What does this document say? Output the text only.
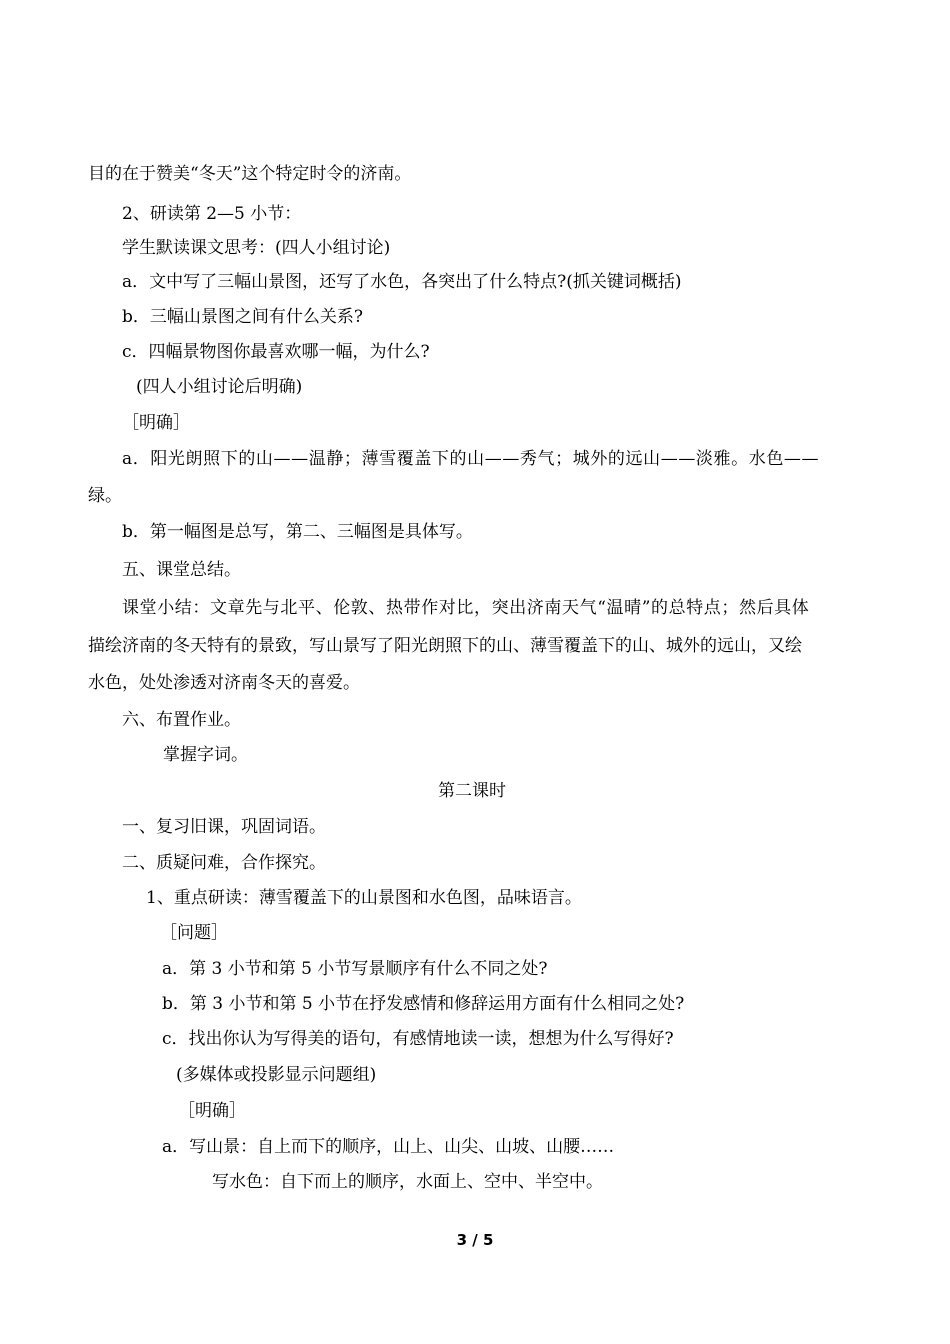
目的在于赞美“冬天”这个特定时令的济南。
2、研读第 2—5 小节：
学生默读课文思考：(四人小组讨论)
a．文中写了三幅山景图，还写了水色，各突出了什么特点?(抓关键词概括)
b．三幅山景图之间有什么关系?
c．四幅景物图你最喜欢哪一幅，为什么?
(四人小组讨论后明确)
［明确］
a．阳光朗照下的山——温静；薄雪覆盖下的山——秀气；城外的远山——淡雅。水色——
绿。
b．第一幅图是总写，第二、三幅图是具体写。
五、课堂总结。
课堂小结：文章先与北平、伦敦、热带作对比，突出济南天气“温晴”的总特点；然后具体
描绘济南的冬天特有的景致，写山景写了阳光朗照下的山、薄雪覆盖下的山、城外的远山，又绘
水色，处处渗透对济南冬天的喜爱。
六、布置作业。
掌握字词。
第二课时
一、复习旧课，巩固词语。
二、质疑问难，合作探究。
1、重点研读：薄雪覆盖下的山景图和水色图，品味语言。
［问题］
a．第 3 小节和第 5 小节写景顺序有什么不同之处?
b．第 3 小节和第 5 小节在抒发感情和修辞运用方面有什么相同之处?
c．找出你认为写得美的语句，有感情地读一读，想想为什么写得好?
(多媒体或投影显示问题组)
［明确］
a．写山景：自上而下的顺序，山上、山尖、山坡、山腰……
写水色：自下而上的顺序，水面上、空中、半空中。
3 / 5
